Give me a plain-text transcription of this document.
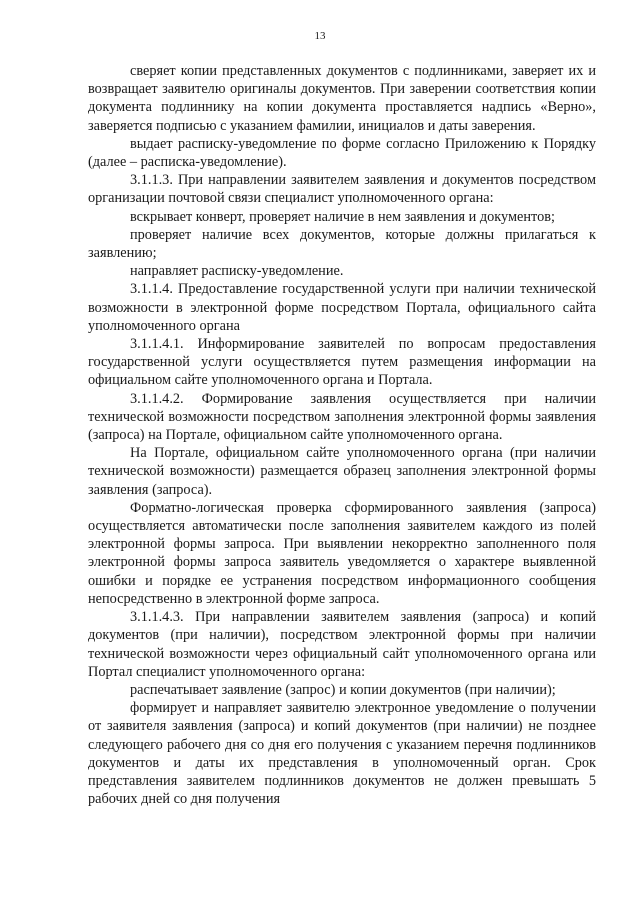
13

сверяет копии представленных документов с подлинниками, заверяет их и возвращает заявителю оригиналы документов. При заверении соответствия копии документа подлиннику на копии документа проставляется надпись «Верно», заверяется подписью с указанием фамилии, инициалов и даты заверения.

выдает расписку-уведомление по форме согласно Приложению к Порядку (далее – расписка-уведомление).

3.1.1.3. При направлении заявителем заявления и документов посредством организации почтовой связи специалист уполномоченного органа:

вскрывает конверт, проверяет наличие в нем заявления и документов;

проверяет наличие всех документов, которые должны прилагаться к заявлению;

направляет расписку-уведомление.

3.1.1.4. Предоставление государственной услуги при наличии технической возможности в электронной форме посредством Портала, официального сайта уполномоченного органа

3.1.1.4.1. Информирование заявителей по вопросам предоставления государственной услуги осуществляется путем размещения информации на официальном сайте уполномоченного органа и Портала.

3.1.1.4.2. Формирование заявления осуществляется при наличии технической возможности посредством заполнения электронной формы заявления (запроса) на Портале, официальном сайте уполномоченного органа.

На Портале, официальном сайте уполномоченного органа (при наличии технической возможности) размещается образец заполнения электронной формы заявления (запроса).

Форматно-логическая проверка сформированного заявления (запроса) осуществляется автоматически после заполнения заявителем каждого из полей электронной формы запроса. При выявлении некорректно заполненного поля электронной формы запроса заявитель уведомляется о характере выявленной ошибки и порядке ее устранения посредством информационного сообщения непосредственно в электронной форме запроса.

3.1.1.4.3. При направлении заявителем заявления (запроса) и копий документов (при наличии), посредством электронной формы при наличии технической возможности через официальный сайт уполномоченного органа или Портал специалист уполномоченного органа:

распечатывает заявление (запрос) и копии документов (при наличии);

формирует и направляет заявителю электронное уведомление о получении от заявителя заявления (запроса) и копий документов (при наличии) не позднее следующего рабочего дня со дня его получения с указанием перечня подлинников документов и даты их представления в уполномоченный орган. Срок представления заявителем подлинников документов не должен превышать 5 рабочих дней со дня получения
